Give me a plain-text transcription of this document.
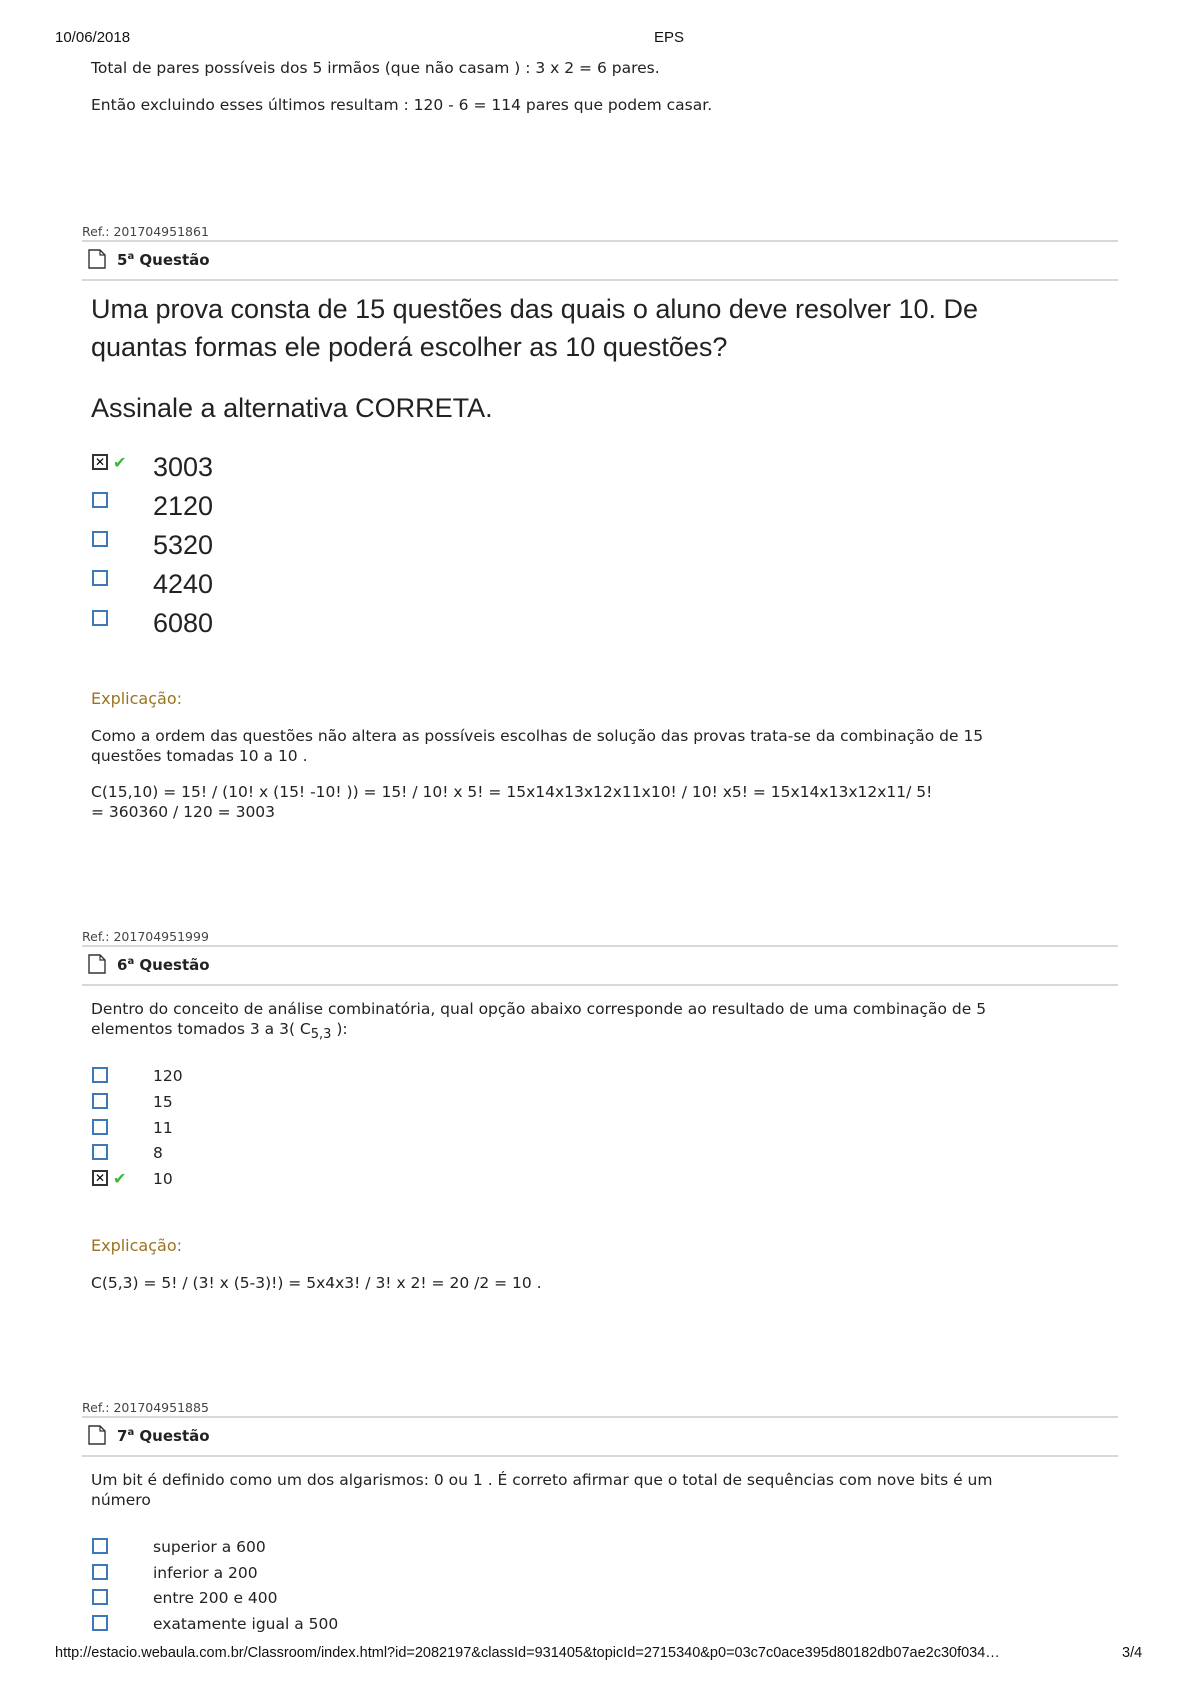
10/06/2018	EPS
Total de pares possíveis dos 5 irmãos (que não casam ) : 3 x 2 = 6 pares.
Então excluindo esses últimos resultam : 120 - 6 = 114 pares que podem casar.
Ref.: 201704951861
5$^a$ Questão
Uma prova consta de 15 questões das quais o aluno deve resolver 10. De
quantas formas ele poderá escolher as 10 questões?
Assinale a alternativa CORRETA.
✕ ✔ 3003
2120
5320
4240
6080
Explicação:
Como a ordem das questões não altera as possíveis escolhas de solução das provas trata-se da combinação de 15
questões tomadas 10 a 10 .
C(15,10) = 15! / (10! x (15! -10! )) = 15! / 10! x 5! = 15x14x13x12x11x10! / 10! x5! = 15x14x13x12x11/ 5!
= 360360 / 120 = 3003
Ref.: 201704951999
6$^a$ Questão
Dentro do conceito de análise combinatória, qual opção abaixo corresponde ao resultado de uma combinação de 5
elementos tomados 3 a 3( $C_{5,3}$ ):
120
15
11
8
✕ ✔ 10
Explicação:
C(5,3) = 5! / (3! x (5-3)!) = 5x4x3! / 3! x 2! = 20 /2 = 10 .
Ref.: 201704951885
7$^a$ Questão
Um bit é definido como um dos algarismos: 0 ou 1 . É correto afirmar que o total de sequências com nove bits é um
número
superior a 600
inferior a 200
entre 200 e 400
exatamente igual a 500
http://estacio.webaula.com.br/Classroom/index.html?id=2082197&classId=931405&topicId=2715340&p0=03c7c0ace395d80182db07ae2c30f034…	3/4
